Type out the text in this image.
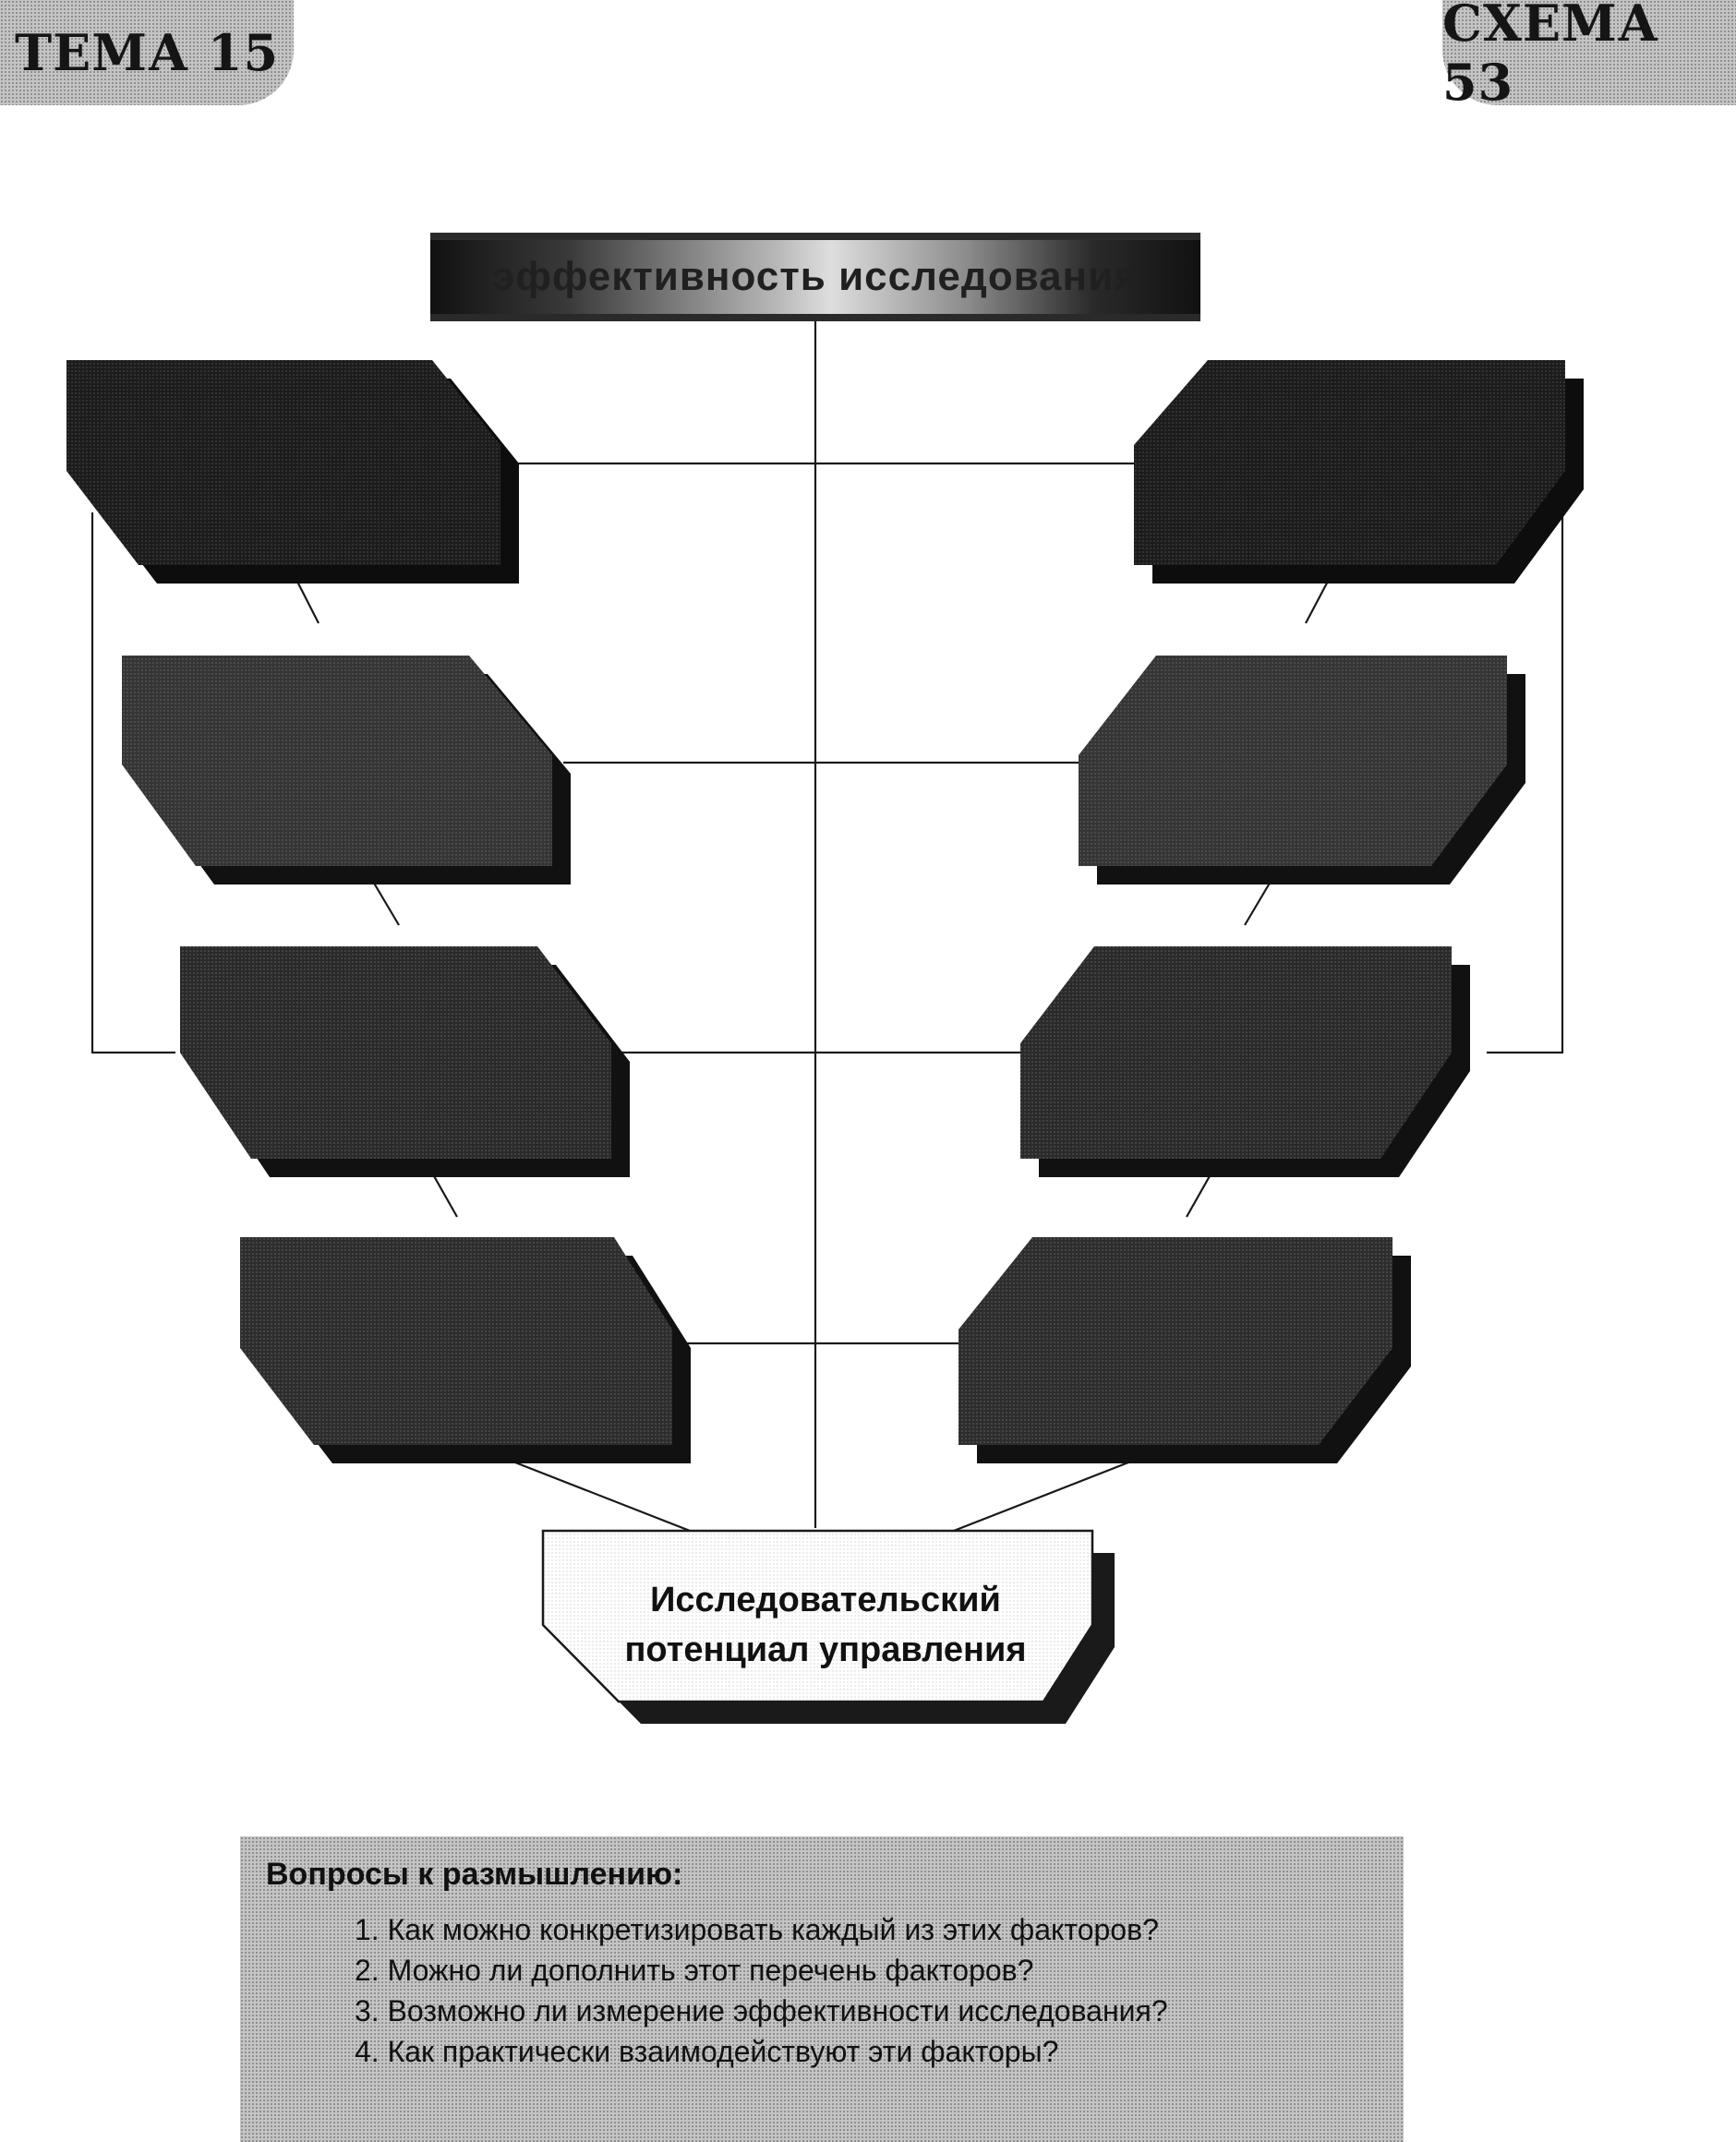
ТЕМА 15	СХЕМА 53
эффективность исследования
Исследовательский
потенциал управления
Вопросы к размышлению:
1. Как можно конкретизировать каждый из этих факторов?
2. Можно ли дополнить этот перечень факторов?
3. Возможно ли измерение эффективности исследования?
4. Как практически взаимодействуют эти факторы?
